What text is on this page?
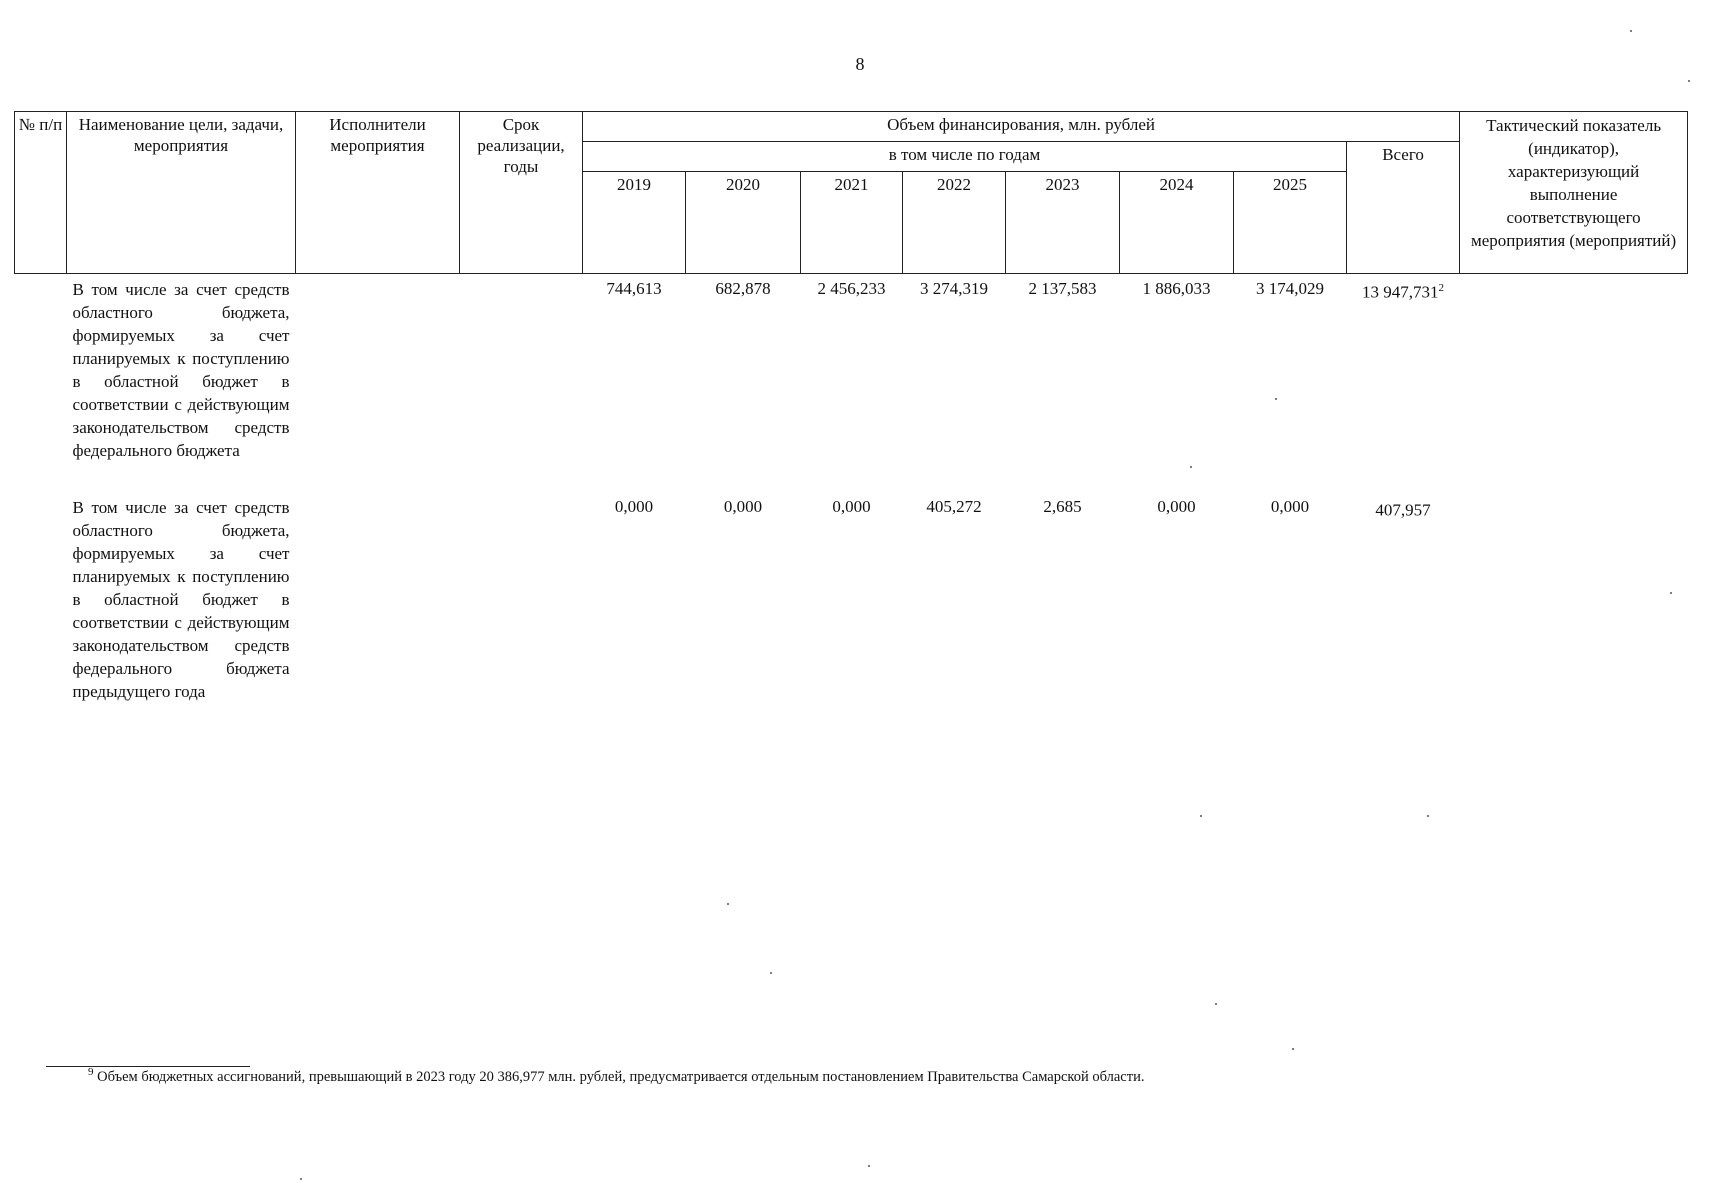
8
№ п/п	Наименование цели, задачи, мероприятия	Исполнители мероприятия	Срок реализации, годы	Объем финансирования, млн. рублей								Тактический показатель (индикатор), характеризующий выполнение соответствующего мероприятия (мероприятий)
				в том числе по годам							Всего	
				2019	2020	2021	2022	2023	2024	2025		
	В том числе за счет средств областного бюджета, формируемых за счет планируемых к поступлению в областной бюджет в соответствии с действующим законодательством средств федерального бюджета			744,613	682,878	2 456,233	3 274,319	2 137,583	1 886,033	3 174,029	13 947,731$^2$	

	В том числе за счет средств областного бюджета, формируемых за счет планируемых к поступлению в областной бюджет в соответствии с действующим законодательством средств федерального бюджета предыдущего года			0,000	0,000	0,000	405,272	2,685	0,000	0,000	407,957	
$^9$ Объем бюджетных ассигнований, превышающий в 2023 году 20 386,977 млн. рублей, предусматривается отдельным постановлением Правительства Самарской области.
